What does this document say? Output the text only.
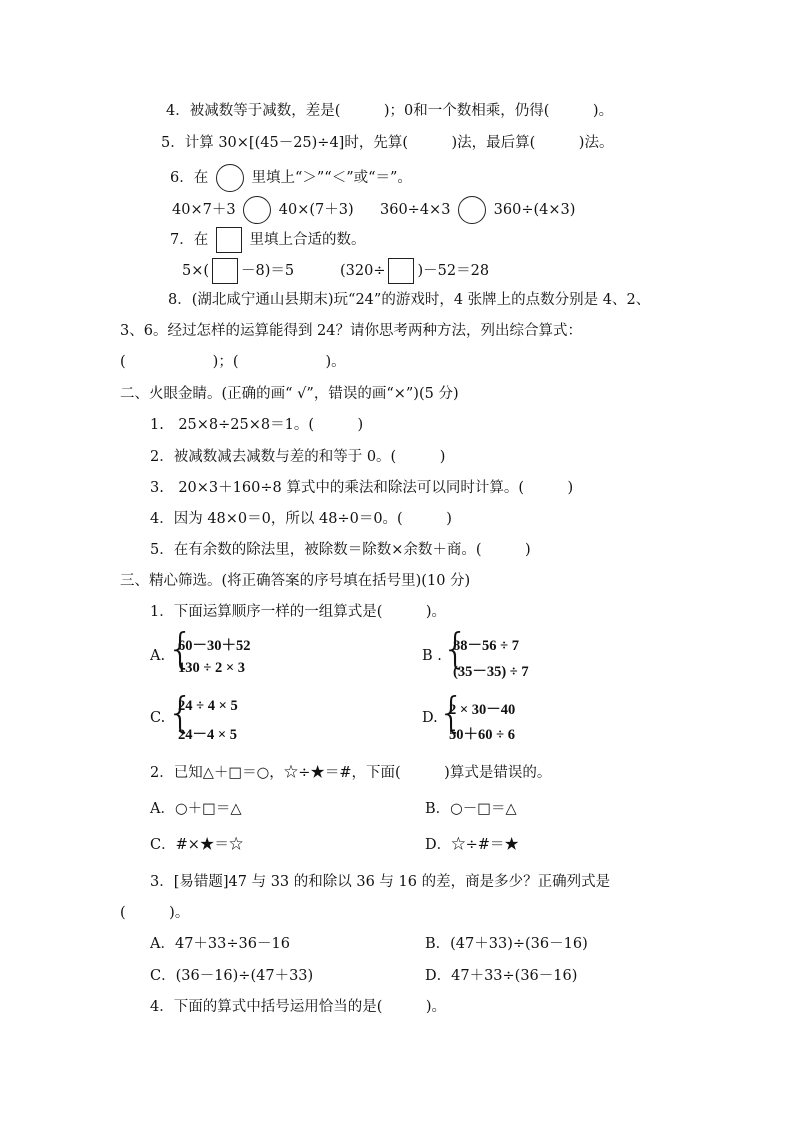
4．被减数等于减数，差是(　　　)；0和一个数相乘，仍得(　　　)。
5．计算 30×[(45－25)÷4]时，先算(　　　)法，最后算(　　　)法。
6．在	里填上“＞”“＜”或“＝”。
40×7＋3	40×(7＋3) 360÷4×3	360÷(4×3)
7．在	里填上合适的数。
5×( －8)＝5	(320÷ )－52＝28
8．(湖北咸宁通山县期末)玩“24”的游戏时，4 张牌上的点数分别是 4、2、
3、6。经过怎样的运算能得到 24？请你思考两种方法，列出综合算式：
(　　　　　　)；(　　　　　　)。
二、火眼金睛。(正确的画“ √”，错误的画“×”)(5 分)
1.　25×8÷25×8＝1。(　　　)
2．被减数减去减数与差的和等于 0。(　　　)
3.　20×3＋160÷8 算式中的乘法和除法可以同时计算。(　　　)
4．因为 48×0＝0，所以 48÷0＝0。(　　　)
5．在有余数的除法里，被除数＝除数×余数＋商。(　　　)
三、精心筛选。(将正确答案的序号填在括号里)(10 分)
1．下面运算顺序一样的一组算式是(　　　)。
A. {
60－30＋52
130 ÷ 2 × 3
B . {
88－56 ÷ 7
(35－35) ÷ 7
C. {
24 ÷ 4 × 5
24－4 × 5
D. {
2 × 30－40
50＋60 ÷ 6
2．已知△＋□＝○，☆÷★＝#，下面(　　　)算式是错误的。
A．○＋□＝△	B．○－□＝△
C．#×★＝☆	D．☆÷#＝★
3．[易错题]47 与 33 的和除以 36 与 16 的差，商是多少？正确列式是
(　　　)。
A．47＋33÷36－16	B．(47＋33)÷(36－16)
C．(36－16)÷(47＋33)	D．47＋33÷(36－16)
4．下面的算式中括号运用恰当的是(　　　)。
